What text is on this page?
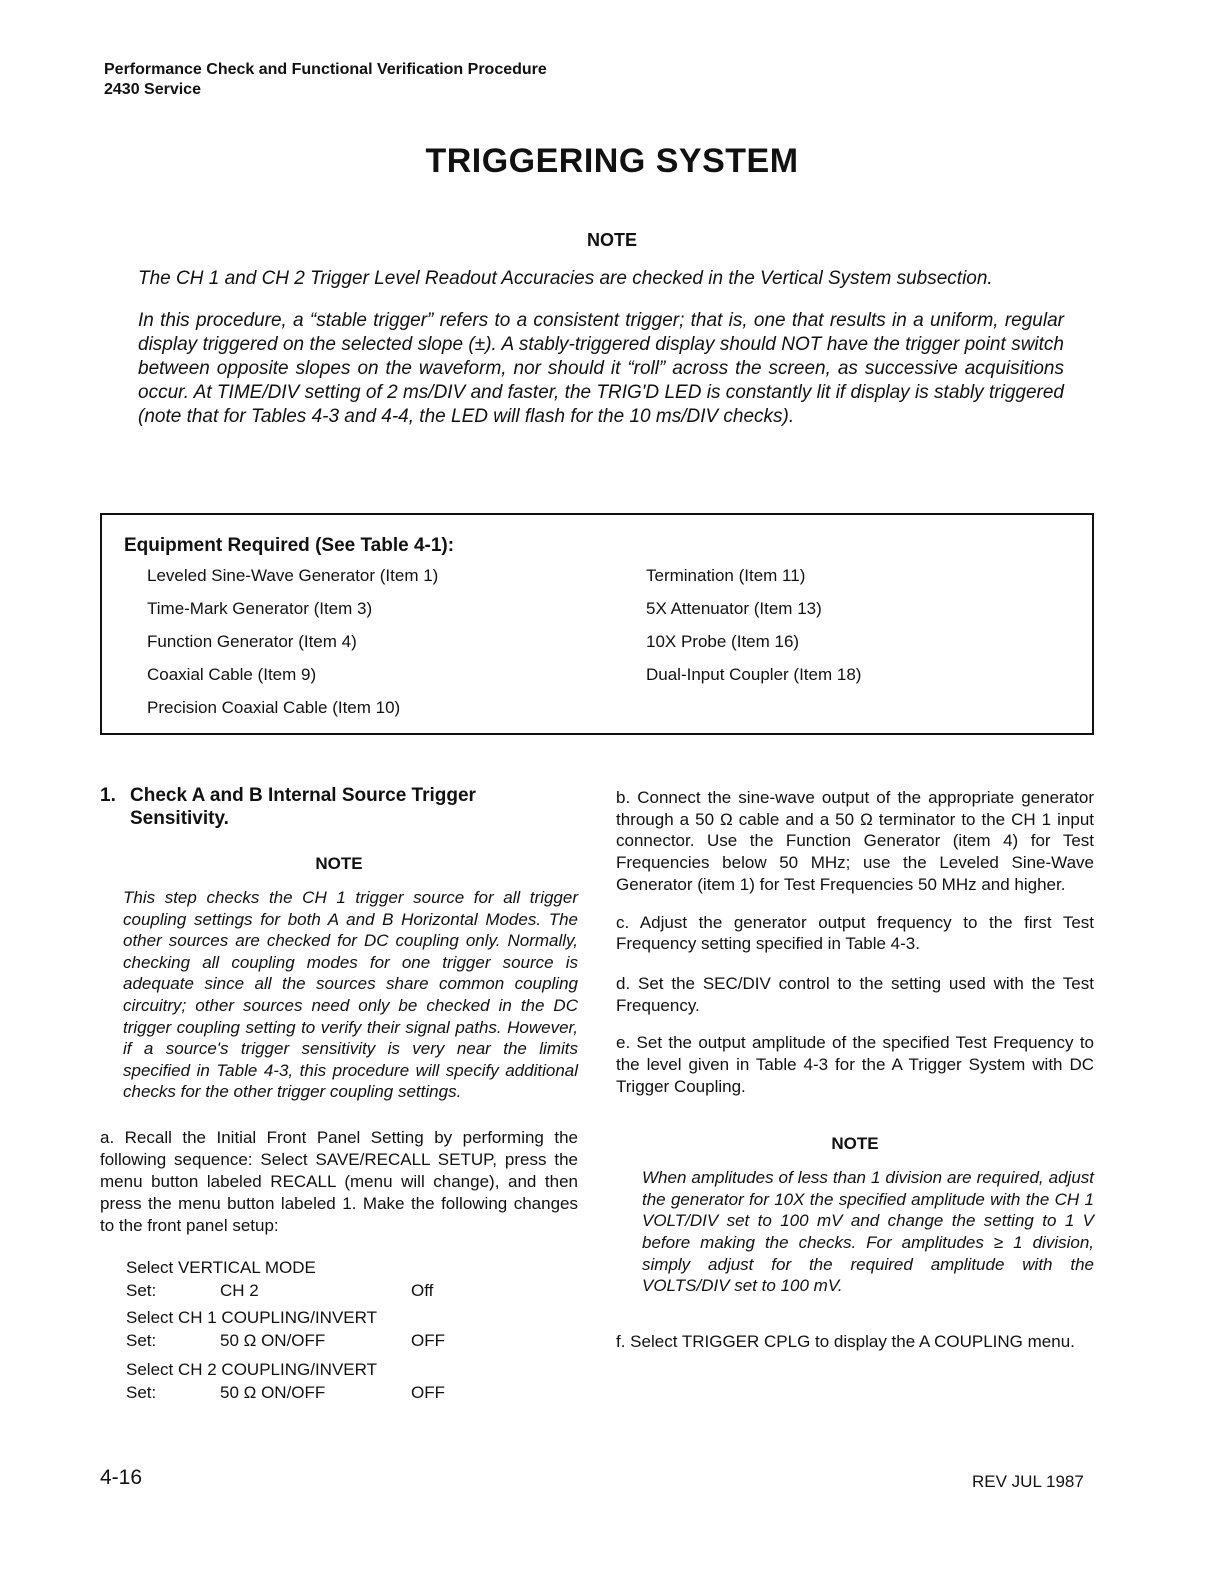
Performance Check and Functional Verification Procedure
2430 Service
TRIGGERING SYSTEM
NOTE

The CH 1 and CH 2 Trigger Level Readout Accuracies are checked in the Vertical System subsection.

In this procedure, a “stable trigger” refers to a consistent trigger; that is, one that results in a uniform, regular display triggered on the selected slope (±). A stably-triggered display should NOT have the trigger point switch between opposite slopes on the waveform, nor should it “roll” across the screen, as successive acquisitions occur. At TIME/DIV setting of 2 ms/DIV and faster, the TRIG'D LED is constantly lit if display is stably triggered (note that for Tables 4-3 and 4-4, the LED will flash for the 10 ms/DIV checks).

Equipment Required (See Table 4-1):
Leveled Sine-Wave Generator (Item 1)
Time-Mark Generator (Item 3)
Function Generator (Item 4)
Coaxial Cable (Item 9)
Precision Coaxial Cable (Item 10)
Termination (Item 11)
5X Attenuator (Item 13)
10X Probe (Item 16)
Dual-Input Coupler (Item 18)
1. Check A and B Internal Source Trigger Sensitivity.

NOTE

This step checks the CH 1 trigger source for all trigger coupling settings for both A and B Horizontal Modes. The other sources are checked for DC coupling only. Normally, checking all coupling modes for one trigger source is adequate since all the sources share common coupling circuitry; other sources need only be checked in the DC trigger coupling setting to verify their signal paths. However, if a source's trigger sensitivity is very near the limits specified in Table 4-3, this procedure will specify additional checks for the other trigger coupling settings.

a. Recall the Initial Front Panel Setting by performing the following sequence: Select SAVE/RECALL SETUP, press the menu button labeled RECALL (menu will change), and then press the menu button labeled 1. Make the following changes to the front panel setup:

Select VERTICAL MODE
Set:	CH 2	Off
Select CH 1 COUPLING/INVERT
Set:	50 Ω ON/OFF	OFF
Select CH 2 COUPLING/INVERT
Set:	50 Ω ON/OFF	OFF

b. Connect the sine-wave output of the appropriate generator through a 50 Ω cable and a 50 Ω terminator to the CH 1 input connector. Use the Function Generator (item 4) for Test Frequencies below 50 MHz; use the Leveled Sine-Wave Generator (item 1) for Test Frequencies 50 MHz and higher.

c. Adjust the generator output frequency to the first Test Frequency setting specified in Table 4-3.

d. Set the SEC/DIV control to the setting used with the Test Frequency.

e. Set the output amplitude of the specified Test Frequency to the level given in Table 4-3 for the A Trigger System with DC Trigger Coupling.

NOTE

When amplitudes of less than 1 division are required, adjust the generator for 10X the specified amplitude with the CH 1 VOLT/DIV set to 100 mV and change the setting to 1 V before making the checks. For amplitudes ≥ 1 division, simply adjust for the required amplitude with the VOLTS/DIV set to 100 mV.

f. Select TRIGGER CPLG to display the A COUPLING menu.

4-16	REV JUL 1987
